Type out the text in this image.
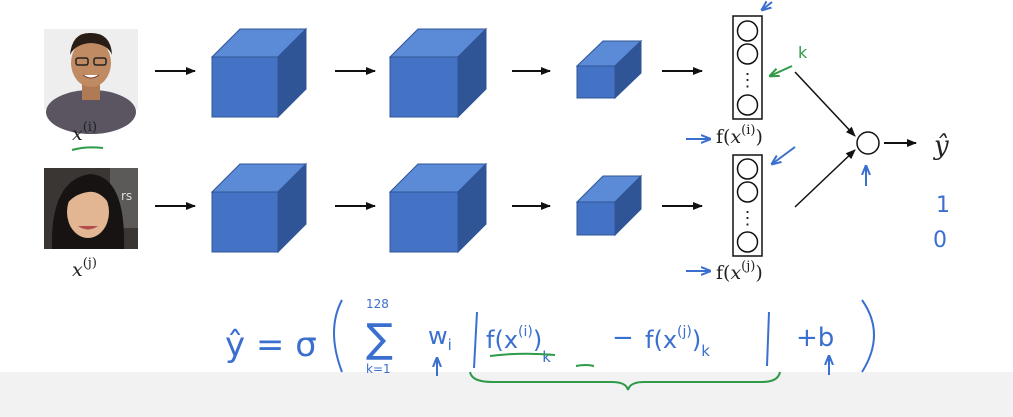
rs
⋮
⋮
$x^{(i)}$
$x^{(j)}$
$f(x^{(i)})$
$f(x^{(j)})$
k
ŷ
1
0
ŷ = σ
128
∑
k=1
$w_i$ $f(x^{(i)})_k$
− $f(x^{(j)})_k$	+b
